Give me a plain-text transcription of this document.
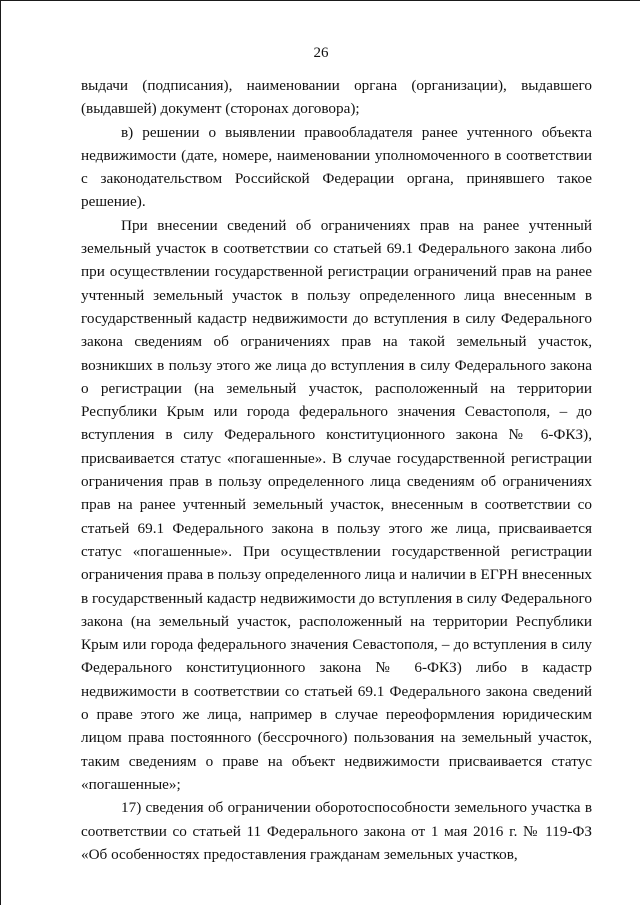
26

выдачи (подписания), наименовании органа (организации), выдавшего (выдавшей) документ (сторонах договора);

в) решении о выявлении правообладателя ранее учтенного объекта недвижимости (дате, номере, наименовании уполномоченного в соответствии с законодательством Российской Федерации органа, принявшего такое решение).

При внесении сведений об ограничениях прав на ранее учтенный земельный участок в соответствии со статьей 69.1 Федерального закона либо при осуществлении государственной регистрации ограничений прав на ранее учтенный земельный участок в пользу определенного лица внесенным в государственный кадастр недвижимости до вступления в силу Федерального закона сведениям об ограничениях прав на такой земельный участок, возникших в пользу этого же лица до вступления в силу Федерального закона о регистрации (на земельный участок, расположенный на территории Республики Крым или города федерального значения Севастополя, – до вступления в силу Федерального конституционного закона № 6-ФКЗ), присваивается статус «погашенные». В случае государственной регистрации ограничения прав в пользу определенного лица сведениям об ограничениях прав на ранее учтенный земельный участок, внесенным в соответствии со статьей 69.1 Федерального закона в пользу этого же лица, присваивается статус «погашенные». При осуществлении государственной регистрации ограничения права в пользу определенного лица и наличии в ЕГРН внесенных в государственный кадастр недвижимости до вступления в силу Федерального закона (на земельный участок, расположенный на территории Республики Крым или города федерального значения Севастополя, – до вступления в силу Федерального конституционного закона № 6-ФКЗ) либо в кадастр недвижимости в соответствии со статьей 69.1 Федерального закона сведений о праве этого же лица, например в случае переоформления юридическим лицом права постоянного (бессрочного) пользования на земельный участок, таким сведениям о праве на объект недвижимости присваивается статус «погашенные»;

17) сведения об ограничении оборотоспособности земельного участка в соответствии со статьей 11 Федерального закона от 1 мая 2016 г. № 119-ФЗ «Об особенностях предоставления гражданам земельных участков,
